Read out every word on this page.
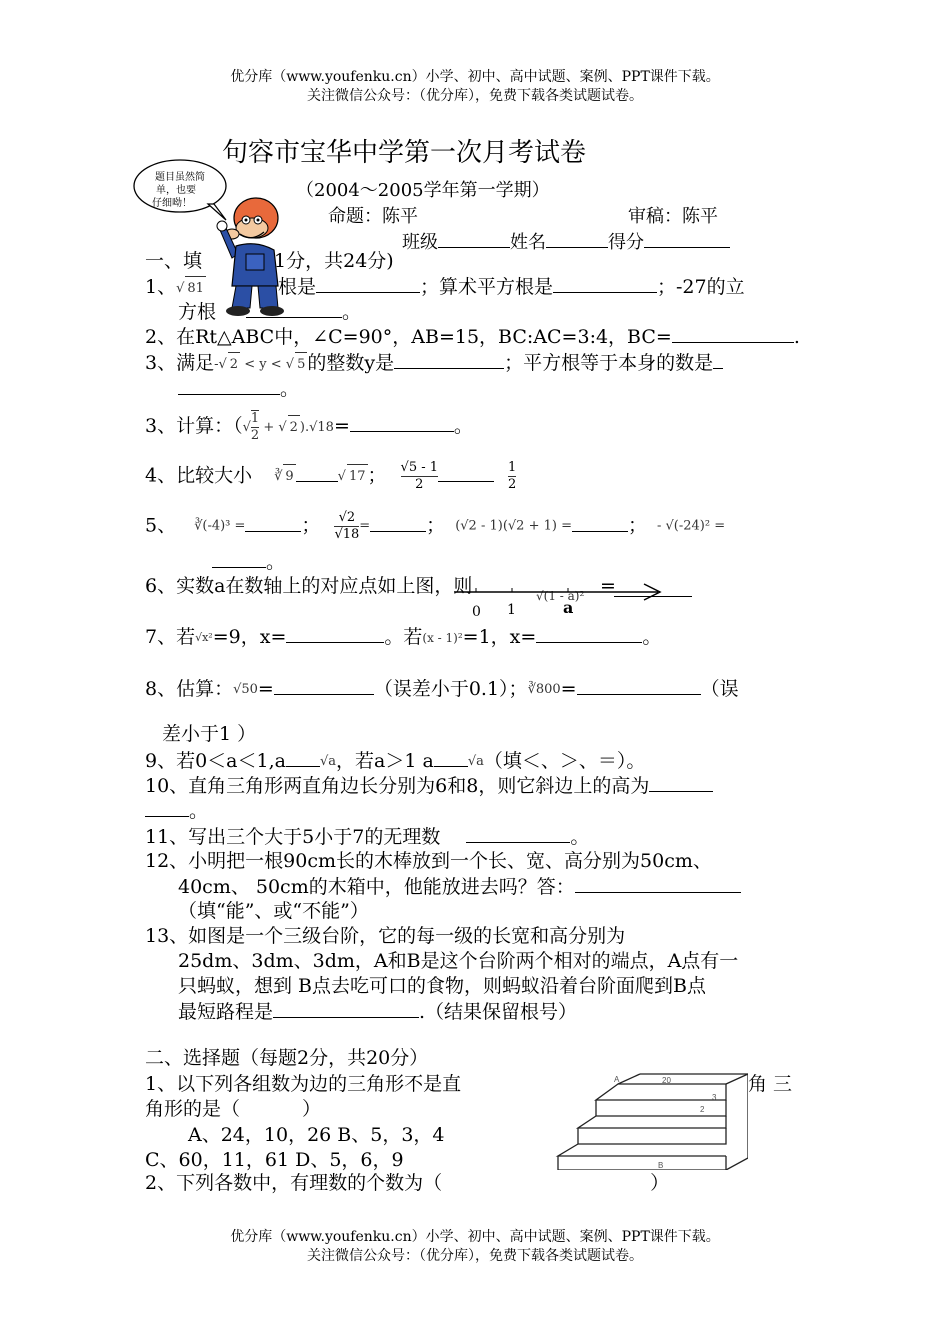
优分库（www.youfenku.cn）小学、初中、高中试题、案例、PPT课件下载。
关注微信公众号：（优分库），免费下载各类试题试卷。
句容市宝华中学第一次月考试卷
（2004～2005学年第一学期）
命题：陈平	审稿：陈平
班级	姓名	得分
题目虽然简
单，也要
仔细呦！
一、填	1分，共24分)
1、√ 81	根是	；算术平方根是	；-27的立
方根	。
2、在Rt△ABC中，∠C=90°，AB=15，BC:AC=3:4，BC=	.
3、满足-√ 2 < y < √ 5 的整数y是	；平方根等于本身的数是
。
3、计算：（√ $\frac{1}{2}$ + √ 2 ).√18=	。
4、比较大小 ∛ 9	√ 17 ； $\frac{√5 - 1}{2}$	$\frac{1}{2}$
5、 ∛(-4)³ =	； $\frac{√2}{√18}$ =	； (√2 - 1)(√2 + 1) =	； - √(-24)² =
。
6、实数a在数轴上的对应点如上图，则	√(1 - a)² =
0 1	a
7、若√x²=9，x=	。若(x - 1)²=1，x=	。
8、估算：√50=	（误差小于0.1）；∛800=	（误
差小于1 ）
9、若0＜a＜1,a	√a，若a＞1 a	√a（填＜、＞、＝）。
10、直角三角形两直角边长分别为6和8，则它斜边上的高为
。
11、写出三个大于5小于7的无理数	。
12、小明把一根90cm长的木棒放到一个长、宽、高分别为50cm、
40cm、 50cm的木箱中，他能放进去吗？答：
（填“能”、或“不能”）
13、如图是一个三级台阶，它的每一级的长宽和高分别为
25dm、3dm、3dm，A和B是这个台阶两个相对的端点，A点有一
只蚂蚁，想到 B点去吃可口的食物，则蚂蚁沿着台阶面爬到B点
最短路程是	.（结果保留根号）
二、选择题（每题2分，共20分）
1、以下列各组数为边的三角形不是直	角 三
角形的是（	）
A、24，10，26 B、5，3，4
C、60，11，61 D、5，6，9
2、下列各数中，有理数的个数为（	）
A	20
2
3
B
优分库（www.youfenku.cn）小学、初中、高中试题、案例、PPT课件下载。
关注微信公众号：（优分库），免费下载各类试题试卷。
